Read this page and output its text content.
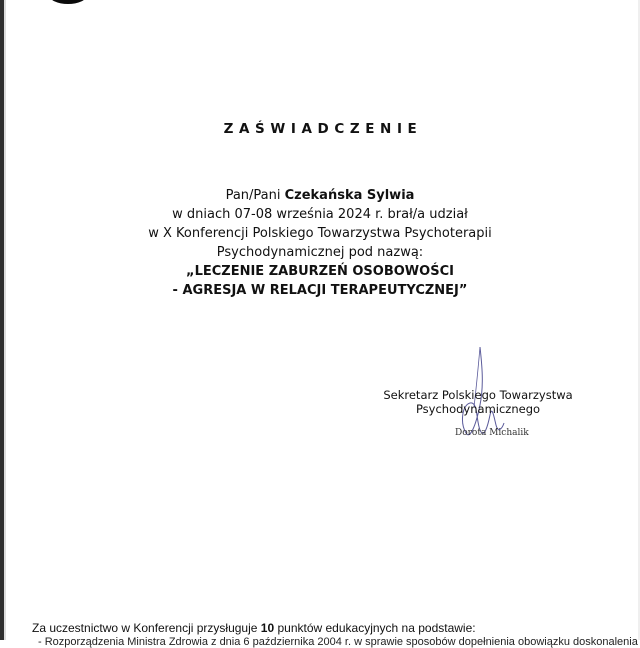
ZAŚWIADCZENIE
Pan/Pani Czekańska Sylwia
w dniach 07-08 września 2024 r. brał/a udział
w X Konferencji Polskiego Towarzystwa Psychoterapii
Psychodynamicznej pod nazwą:
„LECZENIE ZABURZEŃ OSOBOWOŚCI
- AGRESJA W RELACJI TERAPEUTYCZNEJ”
Sekretarz Polskiego Towarzystwa
Psychodynamicznego
Dorota Michalik
Za uczestnictwo w Konferencji przysługuje 10 punktów edukacyjnych na podstawie:
- Rozporządzenia Ministra Zdrowia z dnia 6 października 2004 r. w sprawie sposobów dopełnienia obowiązku doskonalenia
